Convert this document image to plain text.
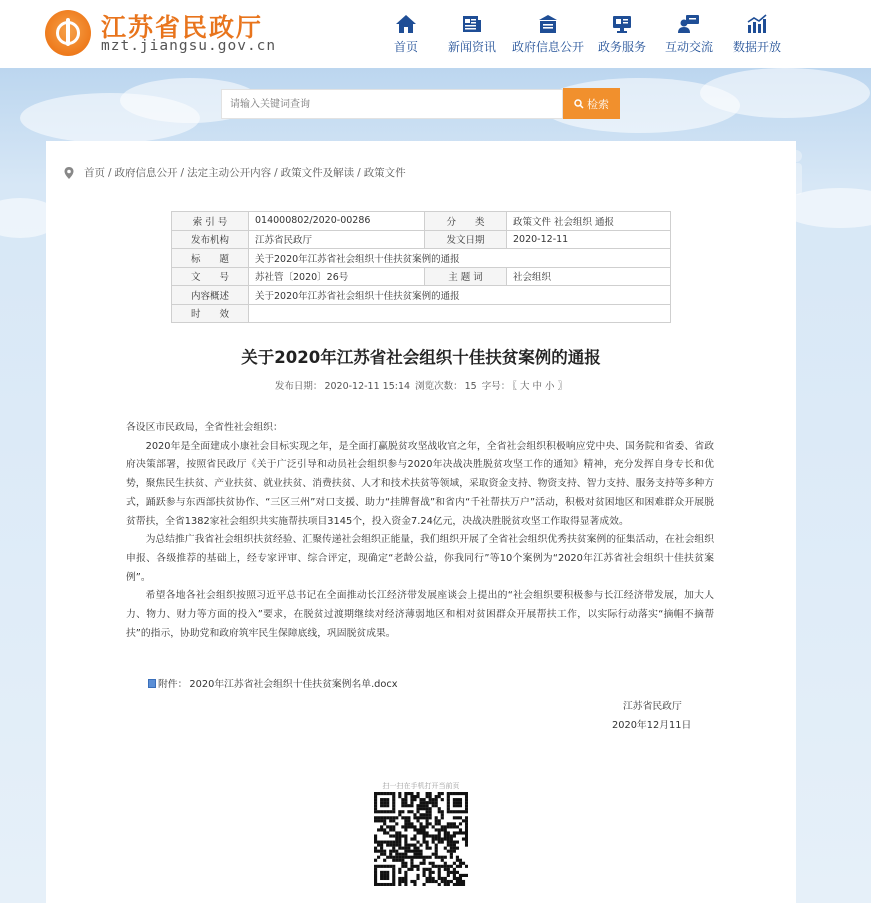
江苏省民政厅
mzt.jiangsu.gov.cn	首页	新闻资讯	政府信息公开	政务服务	互动交流	数据开放
请输入关键词查询
检索
首页 / 政府信息公开 / 法定主动公开内容 / 政策文件及解读 / 政策文件
索 引 号	014000802/2020-00286	分　　类	政策文件 社会组织 通报
发布机构	江苏省民政厅	发文日期	2020-12-11
标　　题	关于2020年江苏省社会组织十佳扶贫案例的通报		
文　　号	苏社管〔2020〕26号	主 题 词	社会组织
内容概述	关于2020年江苏省社会组织十佳扶贫案例的通报		
时　　效			
关于2020年江苏省社会组织十佳扶贫案例的通报
发布日期： 2020-12-11 15:14 浏览次数： 15 字号： 〖 大 中 小 〗

各设区市民政局，全省性社会组织：

2020年是全面建成小康社会目标实现之年，是全面打赢脱贫攻坚战收官之年，全省社会组织积极响应党中央、国务院和省委、省政府决策部署，按照省民政厅《关于广泛引导和动员社会组织参与2020年决战决胜脱贫攻坚工作的通知》精神，充分发挥自身专长和优势，聚焦民生扶贫、产业扶贫、就业扶贫、消费扶贫、人才和技术扶贫等领域，采取资金支持、物资支持、智力支持、服务支持等多种方式，踊跃参与东西部扶贫协作、“三区三州”对口支援、助力“挂牌督战”和省内“千社帮扶万户”活动，积极对贫困地区和困难群众开展脱贫帮扶，全省1382家社会组织共实施帮扶项目3145个，投入资金7.24亿元，决战决胜脱贫攻坚工作取得显著成效。

为总结推广我省社会组织扶贫经验、汇聚传递社会组织正能量，我们组织开展了全省社会组织优秀扶贫案例的征集活动，在社会组织申报、各级推荐的基础上，经专家评审、综合评定，现确定“老龄公益，你我同行”等10个案例为“2020年江苏省社会组织十佳扶贫案例”。

希望各地各社会组织按照习近平总书记在全面推动长江经济带发展座谈会上提出的“社会组织要积极参与长江经济带发展，加大人力、物力、财力等方面的投入”要求，在脱贫过渡期继续对经济薄弱地区和相对贫困群众开展帮扶工作，以实际行动落实“摘帽不摘帮扶”的指示，协助党和政府筑牢民生保障底线，巩固脱贫成果。

附件： 2020年江苏省社会组织十佳扶贫案例名单.docx
江苏省民政厅
2020年12月11日
扫一扫在手机打开当前页
